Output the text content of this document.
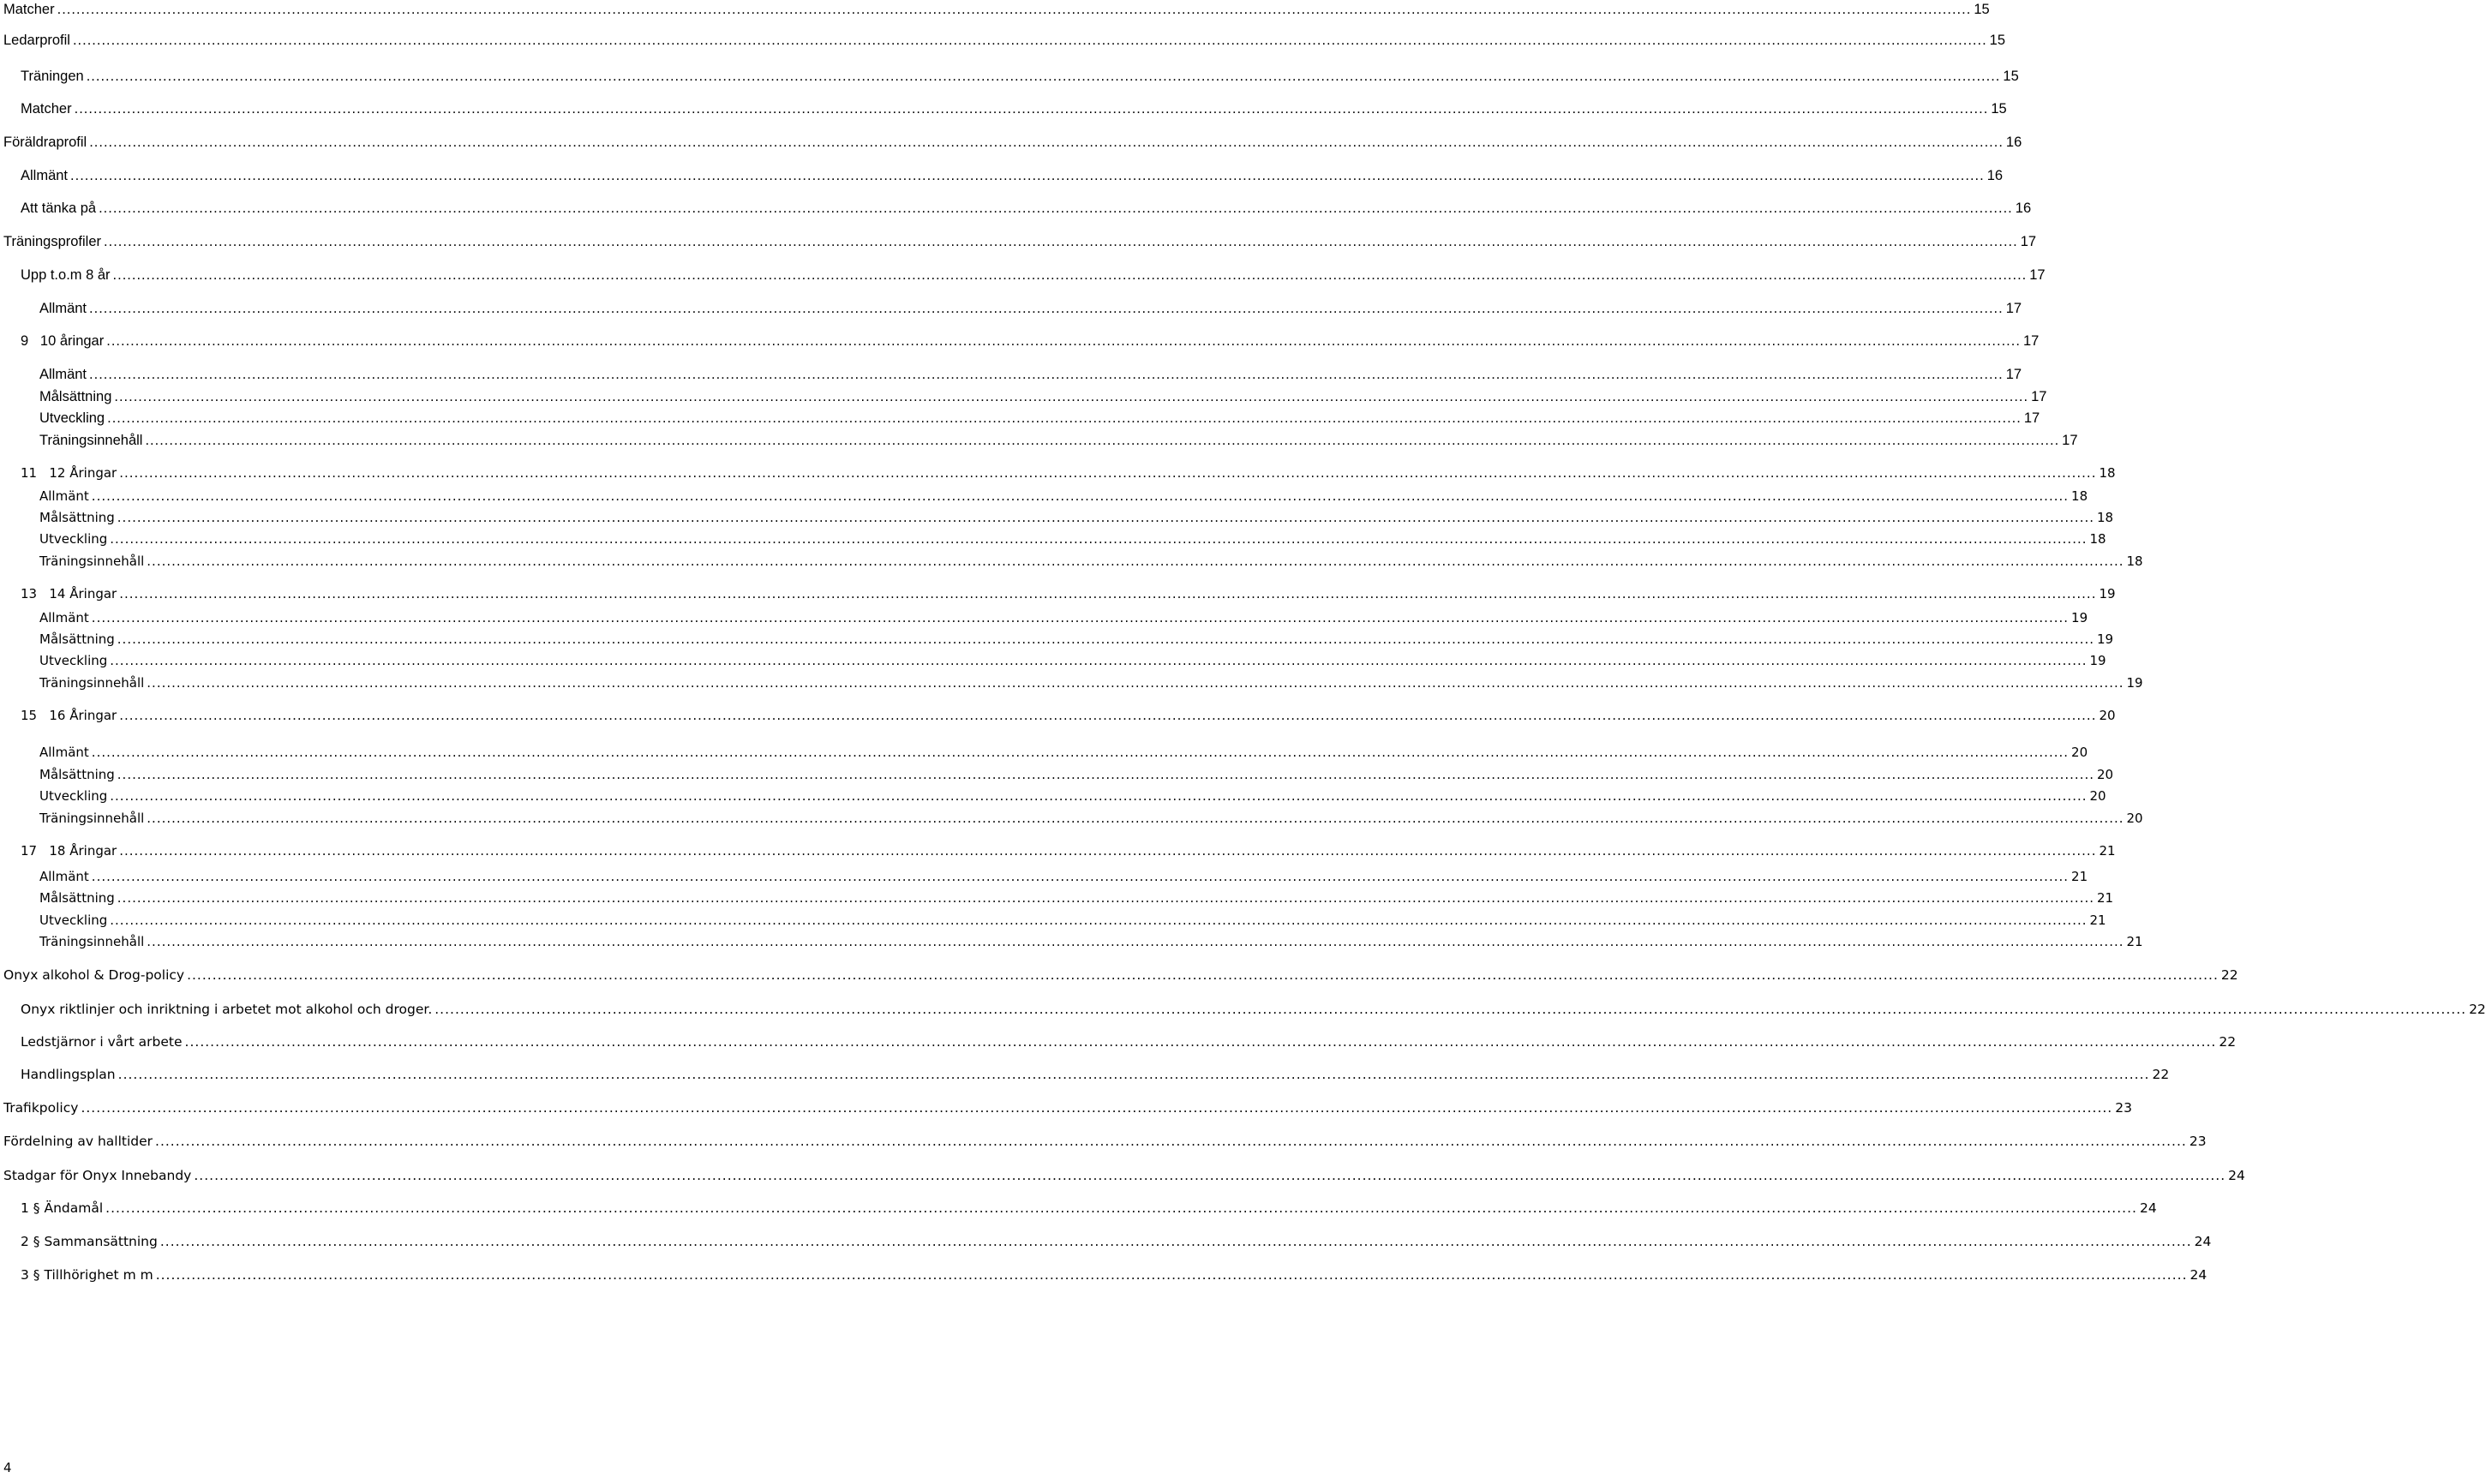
Matcher ................................................................................................................................................................................................................................................................................................................................................................................................................ 15
Ledarprofil ................................................................................................................................................................................................................................................................................................................................................................................................................ 15
Träningen ................................................................................................................................................................................................................................................................................................................................................................................................................ 15
Matcher ................................................................................................................................................................................................................................................................................................................................................................................................................ 15
Föräldraprofil ................................................................................................................................................................................................................................................................................................................................................................................................................ 16
Allmänt ................................................................................................................................................................................................................................................................................................................................................................................................................ 16
Att tänka på ................................................................................................................................................................................................................................................................................................................................................................................................................ 16
Träningsprofiler ................................................................................................................................................................................................................................................................................................................................................................................................................ 17
Upp t.o.m 8 år ................................................................................................................................................................................................................................................................................................................................................................................................................ 17
Allmänt ................................................................................................................................................................................................................................................................................................................................................................................................................ 17
9   10 åringar ................................................................................................................................................................................................................................................................................................................................................................................................................ 17
Allmänt ................................................................................................................................................................................................................................................................................................................................................................................................................ 17
Målsättning ................................................................................................................................................................................................................................................................................................................................................................................................................ 17
Utveckling ................................................................................................................................................................................................................................................................................................................................................................................................................ 17
Träningsinnehåll ................................................................................................................................................................................................................................................................................................................................................................................................................ 17
11   12 Åringar ................................................................................................................................................................................................................................................................................................................................................................................................................ 18
Allmänt ................................................................................................................................................................................................................................................................................................................................................................................................................ 18
Målsättning ................................................................................................................................................................................................................................................................................................................................................................................................................ 18
Utveckling ................................................................................................................................................................................................................................................................................................................................................................................................................ 18
Träningsinnehåll ................................................................................................................................................................................................................................................................................................................................................................................................................ 18
13   14 Åringar ................................................................................................................................................................................................................................................................................................................................................................................................................ 19
Allmänt ................................................................................................................................................................................................................................................................................................................................................................................................................ 19
Målsättning ................................................................................................................................................................................................................................................................................................................................................................................................................ 19
Utveckling ................................................................................................................................................................................................................................................................................................................................................................................................................ 19
Träningsinnehåll ................................................................................................................................................................................................................................................................................................................................................................................................................ 19
15   16 Åringar ................................................................................................................................................................................................................................................................................................................................................................................................................ 20
Allmänt ................................................................................................................................................................................................................................................................................................................................................................................................................ 20
Målsättning ................................................................................................................................................................................................................................................................................................................................................................................................................ 20
Utveckling ................................................................................................................................................................................................................................................................................................................................................................................................................ 20
Träningsinnehåll ................................................................................................................................................................................................................................................................................................................................................................................................................ 20
17   18 Åringar ................................................................................................................................................................................................................................................................................................................................................................................................................ 21
Allmänt ................................................................................................................................................................................................................................................................................................................................................................................................................ 21
Målsättning ................................................................................................................................................................................................................................................................................................................................................................................................................ 21
Utveckling ................................................................................................................................................................................................................................................................................................................................................................................................................ 21
Träningsinnehåll ................................................................................................................................................................................................................................................................................................................................................................................................................ 21
Onyx alkohol & Drog-policy ................................................................................................................................................................................................................................................................................................................................................................................................................ 22
Onyx riktlinjer och inriktning i arbetet mot alkohol och droger. ................................................................................................................................................................................................................................................................................................................................................................................................................ 22
Ledstjärnor i vårt arbete ................................................................................................................................................................................................................................................................................................................................................................................................................ 22
Handlingsplan ................................................................................................................................................................................................................................................................................................................................................................................................................ 22
Trafikpolicy ................................................................................................................................................................................................................................................................................................................................................................................................................ 23
Fördelning av halltider ................................................................................................................................................................................................................................................................................................................................................................................................................ 23
Stadgar för Onyx Innebandy ................................................................................................................................................................................................................................................................................................................................................................................................................ 24
1 § Ändamål ................................................................................................................................................................................................................................................................................................................................................................................................................ 24
2 § Sammansättning ................................................................................................................................................................................................................................................................................................................................................................................................................ 24
3 § Tillhörighet m m ................................................................................................................................................................................................................................................................................................................................................................................................................ 24
4
